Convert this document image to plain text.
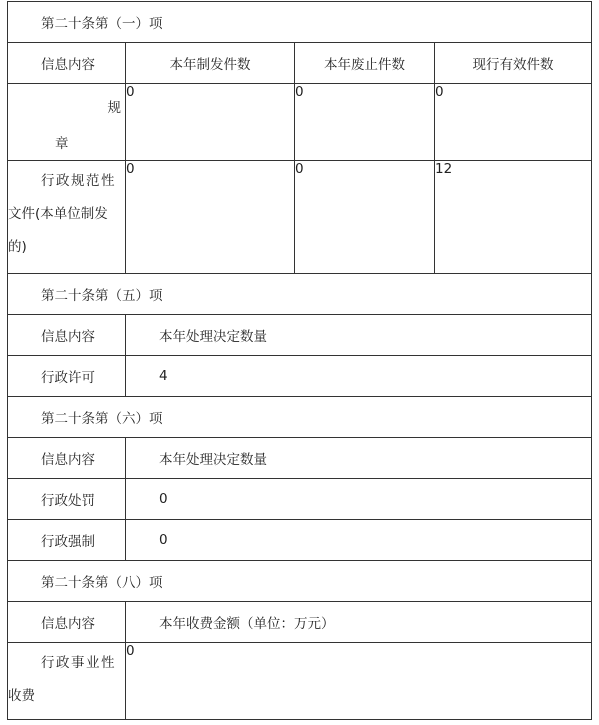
第二十条第（一）项			
信息内容	本年制发件数	本年废止件数	现行有效件数

规
章	0	0	0

行政规范性
文件(本单位制发
的)	0	0	12
第二十条第（五）项			
信息内容	本年处理决定数量		
行政许可	4		
第二十条第（六）项			
信息内容	本年处理决定数量		
行政处罚	0		
行政强制	0		
第二十条第（八）项			
信息内容	本年收费金额（单位：万元）		

行政事业性
收费	0		
